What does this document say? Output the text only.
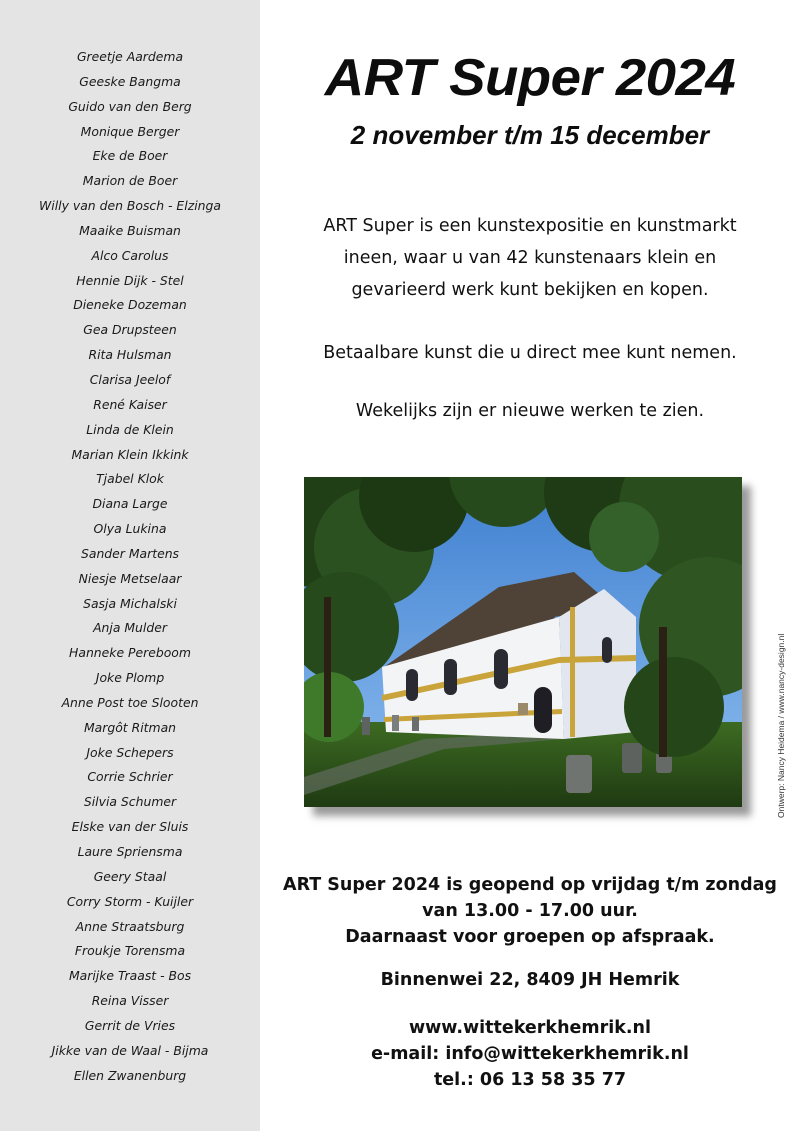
Greetje Aardema
Geeske Bangma
Guido van den Berg
Monique Berger
Eke de Boer
Marion de Boer
Willy van den Bosch - Elzinga
Maaike Buisman
Alco Carolus
Hennie Dijk - Stel
Dieneke Dozeman
Gea Drupsteen
Rita Hulsman
Clarisa Jeelof
René Kaiser
Linda de Klein
Marian Klein Ikkink
Tjabel Klok
Diana Large
Olya Lukina
Sander Martens
Niesje Metselaar
Sasja Michalski
Anja Mulder
Hanneke Pereboom
Joke Plomp
Anne Post toe Slooten
Margôt Ritman
Joke Schepers
Corrie Schrier
Silvia Schumer
Elske van der Sluis
Laure Spriensma
Geery Staal
Corry Storm - Kuijler
Anne Straatsburg
Froukje Torensma
Marijke Traast - Bos
Reina Visser
Gerrit de Vries
Jikke van de Waal - Bijma
Ellen Zwanenburg
ART Super 2024
2 november t/m 15 december
ART Super is een kunstexpositie en kunstmarkt
ineen, waar u van 42 kunstenaars klein en
gevarieerd werk kunt bekijken en kopen.
Betaalbare kunst die u direct mee kunt nemen.
Wekelijks zijn er nieuwe werken te zien.
Ontwerp: Nancy Heidema / www.nancy-design.nl
ART Super 2024 is geopend op vrijdag t/m zondag
van 13.00 - 17.00 uur.
Daarnaast voor groepen op afspraak.
Binnenwei 22, 8409 JH Hemrik
www.wittekerkhemrik.nl
e-mail: info@wittekerkhemrik.nl
tel.: 06 13 58 35 77
